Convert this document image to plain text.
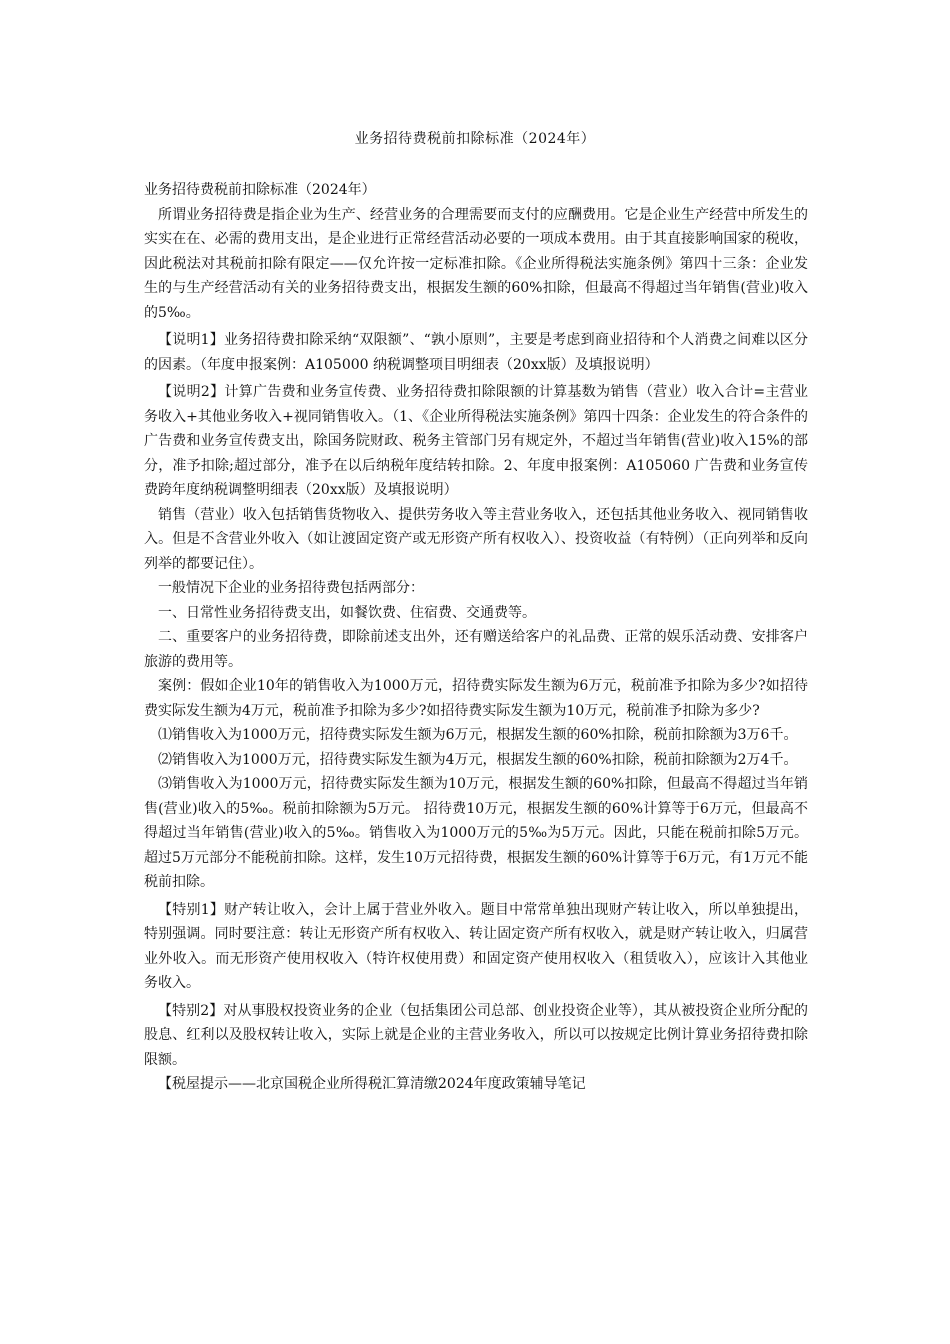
业务招待费税前扣除标准（2024年）

业务招待费税前扣除标准（2024年）

所谓业务招待费是指企业为生产、经营业务的合理需要而支付的应酬费用。它是企业生产经营中所发生的实实在在、必需的费用支出，是企业进行正常经营活动必要的一项成本费用。由于其直接影响国家的税收，因此税法对其税前扣除有限定——仅允许按一定标准扣除。《企业所得税法实施条例》第四十三条：企业发生的与生产经营活动有关的业务招待费支出，根据发生额的60%扣除，但最高不得超过当年销售(营业)收入的5‰。

【说明1】业务招待费扣除采纳“双限额”、“孰小原则”，主要是考虑到商业招待和个人消费之间难以区分的因素。（年度申报案例：A105000 纳税调整项目明细表（20xx版）及填报说明）

【说明2】计算广告费和业务宣传费、业务招待费扣除限额的计算基数为销售（营业）收入合计=主营业务收入+其他业务收入+视同销售收入。（1、《企业所得税法实施条例》第四十四条：企业发生的符合条件的广告费和业务宣传费支出，除国务院财政、税务主管部门另有规定外，不超过当年销售(营业)收入15%的部分，准予扣除;超过部分，准予在以后纳税年度结转扣除。2、年度申报案例：A105060 广告费和业务宣传费跨年度纳税调整明细表（20xx版）及填报说明）

销售（营业）收入包括销售货物收入、提供劳务收入等主营业务收入，还包括其他业务收入、视同销售收入。但是不含营业外收入（如让渡固定资产或无形资产所有权收入）、投资收益（有特例）（正向列举和反向列举的都要记住）。

一般情况下企业的业务招待费包括两部分：

一、日常性业务招待费支出，如餐饮费、住宿费、交通费等。

二、重要客户的业务招待费，即除前述支出外，还有赠送给客户的礼品费、正常的娱乐活动费、安排客户旅游的费用等。

案例：假如企业10年的销售收入为1000万元，招待费实际发生额为6万元，税前准予扣除为多少?如招待费实际发生额为4万元，税前准予扣除为多少?如招待费实际发生额为10万元，税前准予扣除为多少?

⑴销售收入为1000万元，招待费实际发生额为6万元，根据发生额的60%扣除，税前扣除额为3万6千。

⑵销售收入为1000万元，招待费实际发生额为4万元，根据发生额的60%扣除，税前扣除额为2万4千。

⑶销售收入为1000万元，招待费实际发生额为10万元，根据发生额的60%扣除，但最高不得超过当年销售(营业)收入的5‰。税前扣除额为5万元。 招待费10万元，根据发生额的60%计算等于6万元，但最高不得超过当年销售(营业)收入的5‰。销售收入为1000万元的5‰为5万元。因此，只能在税前扣除5万元。超过5万元部分不能税前扣除。这样，发生10万元招待费，根据发生额的60%计算等于6万元，有1万元不能税前扣除。

【特别1】财产转让收入，会计上属于营业外收入。题目中常常单独出现财产转让收入，所以单独提出，特别强调。同时要注意：转让无形资产所有权收入、转让固定资产所有权收入，就是财产转让收入，归属营业外收入。而无形资产使用权收入（特许权使用费）和固定资产使用权收入（租赁收入），应该计入其他业务收入。

【特别2】对从事股权投资业务的企业（包括集团公司总部、创业投资企业等），其从被投资企业所分配的股息、红利以及股权转让收入，实际上就是企业的主营业务收入，所以可以按规定比例计算业务招待费扣除限额。

【税屋提示——北京国税企业所得税汇算清缴2024年度政策辅导笔记
